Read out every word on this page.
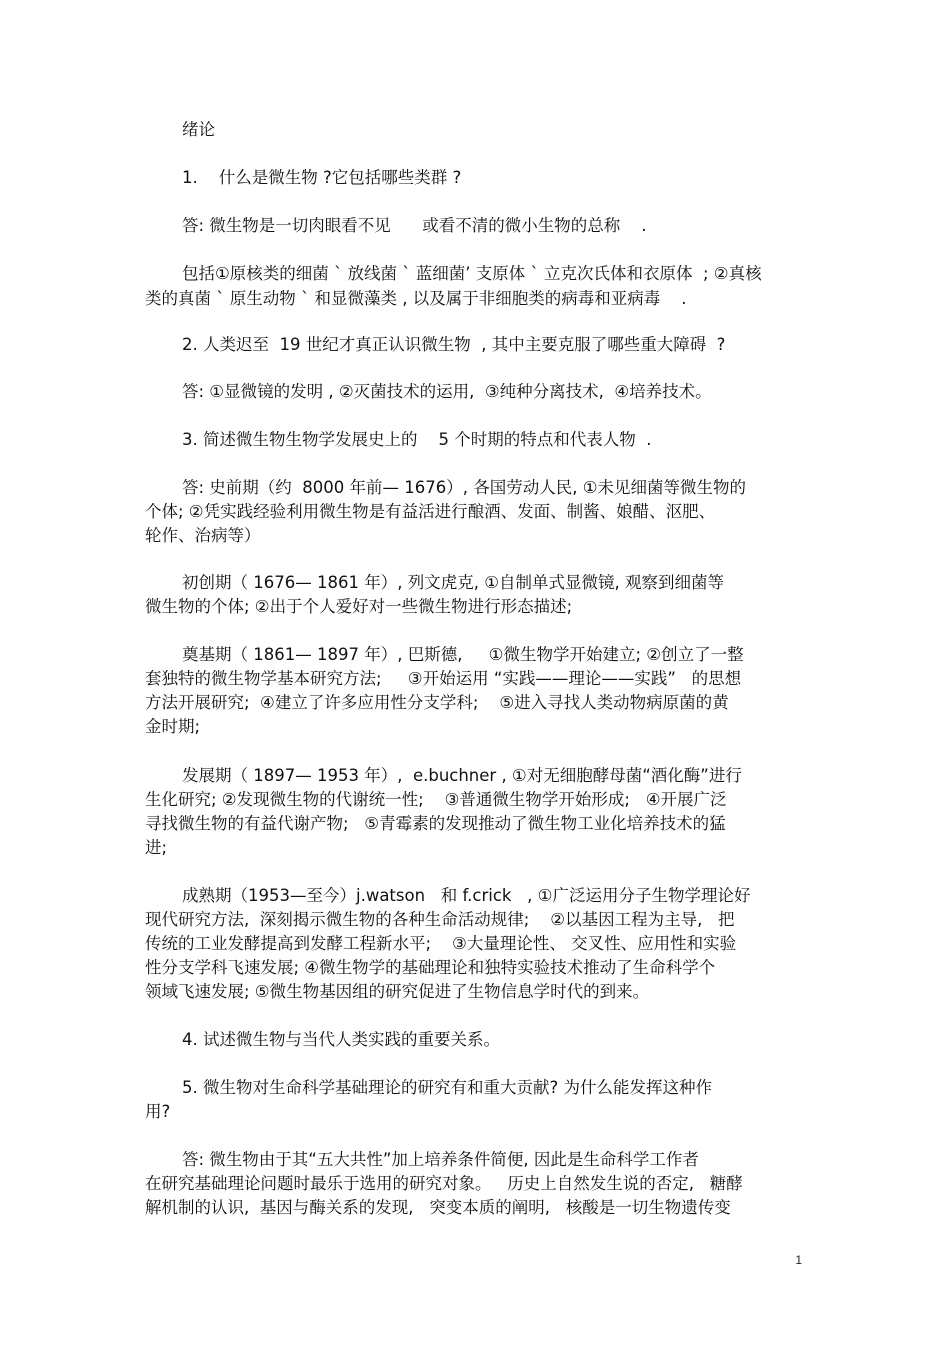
绪论
1.    什么是微生物 ?它包括哪些类群 ?
答: 微生物是一切肉眼看不见      或看不清的微小生物的总称    .
包括①原核类的细菌 ` 放线菌 ` 蓝细菌’ 支原体 ` 立克次氏体和衣原体  ; ②真核
类的真菌 ` 原生动物 ` 和显微藻类 , 以及属于非细胞类的病毒和亚病毒    .
2. 人类迟至  19 世纪才真正认识微生物  , 其中主要克服了哪些重大障碍  ?
答: ①显微镜的发明 , ②灭菌技术的运用,  ③纯种分离技术,  ④培养技术。
3. 简述微生物生物学发展史上的    5 个时期的特点和代表人物  .
答: 史前期（约  8000 年前— 1676）, 各国劳动人民, ①未见细菌等微生物的
个体; ②凭实践经验利用微生物是有益活进行酿酒、发面、制酱、娘醋、沤肥、
轮作、治病等）
初创期（ 1676— 1861 年）, 列文虎克, ①自制单式显微镜, 观察到细菌等
微生物的个体; ②出于个人爱好对一些微生物进行形态描述;
奠基期（ 1861— 1897 年）, 巴斯德,     ①微生物学开始建立; ②创立了一整
套独特的微生物学基本研究方法;     ③开始运用 “实践——理论——实践”   的思想
方法开展研究;  ④建立了许多应用性分支学科;    ⑤进入寻找人类动物病原菌的黄
金时期;
发展期（ 1897— 1953 年）,  e.buchner , ①对无细胞酵母菌“酒化酶”进行
生化研究; ②发现微生物的代谢统一性;    ③普通微生物学开始形成;   ④开展广泛
寻找微生物的有益代谢产物;   ⑤青霉素的发现推动了微生物工业化培养技术的猛
进;
成熟期（1953—至今）j.watson   和 f.crick   , ①广泛运用分子生物学理论好
现代研究方法,  深刻揭示微生物的各种生命活动规律;    ②以基因工程为主导,   把
传统的工业发酵提高到发酵工程新水平;    ③大量理论性、 交叉性、应用性和实验
性分支学科飞速发展; ④微生物学的基础理论和独特实验技术推动了生命科学个
领域飞速发展; ⑤微生物基因组的研究促进了生物信息学时代的到来。
4. 试述微生物与当代人类实践的重要关系。
5. 微生物对生命科学基础理论的研究有和重大贡献? 为什么能发挥这种作
用?
答: 微生物由于其“五大共性”加上培养条件简便, 因此是生命科学工作者
在研究基础理论问题时最乐于选用的研究对象。   历史上自然发生说的否定,   糖酵
解机制的认识,  基因与酶关系的发现,   突变本质的阐明,   核酸是一切生物遗传变
1
